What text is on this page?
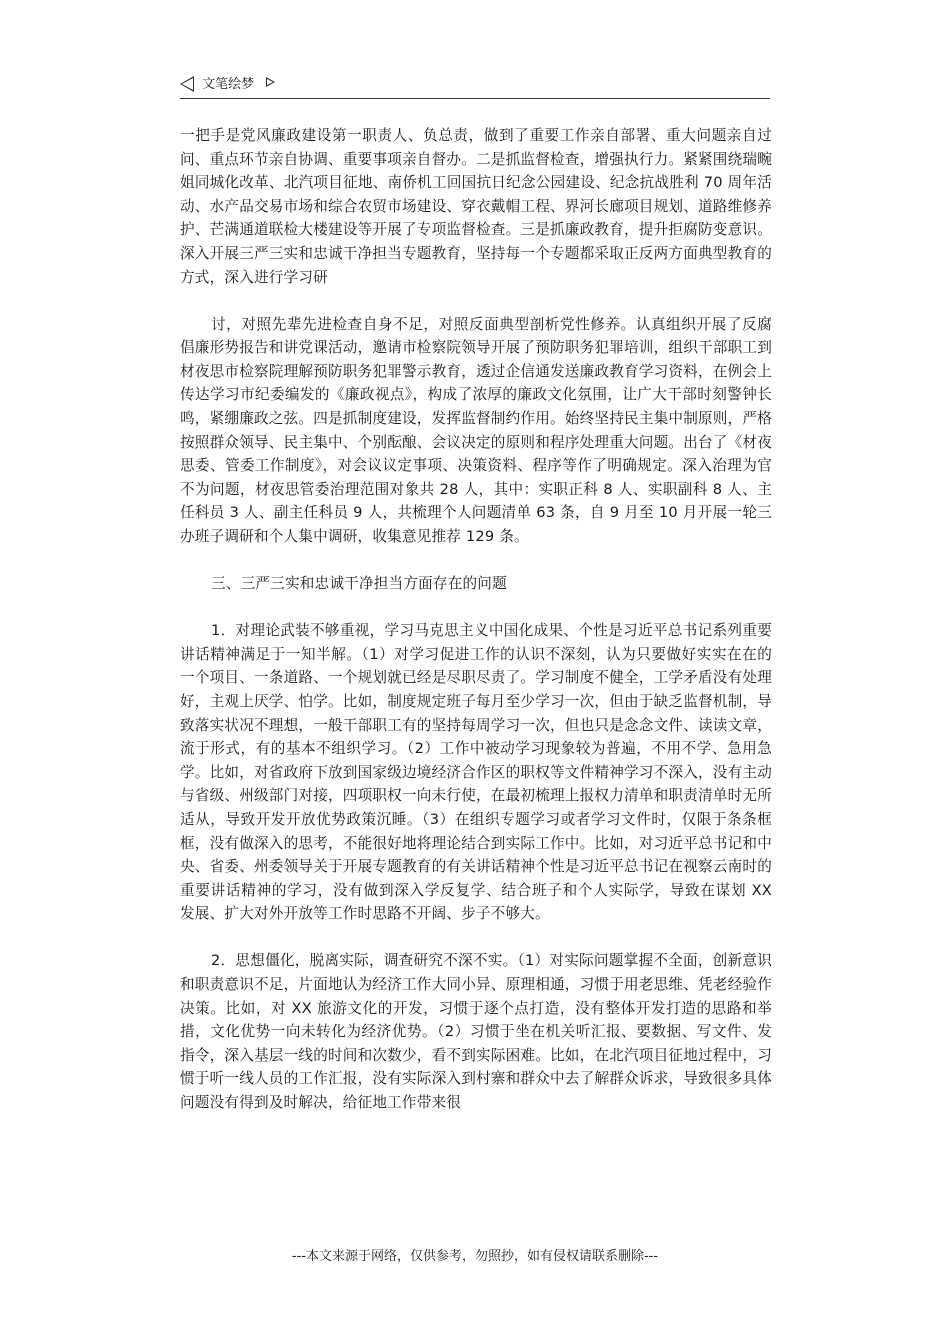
文笔绘梦

一把手是党风廉政建设第一职责人、负总责，做到了重要工作亲自部署、重大问题亲自过问、重点环节亲自协调、重要事项亲自督办。二是抓监督检查，增强执行力。紧紧围绕瑞畹姐同城化改革、北汽项目征地、南侨机工回国抗日纪念公园建设、纪念抗战胜利 70 周年活动、水产品交易市场和综合农贸市场建设、穿衣戴帽工程、界河长廊项目规划、道路维修养护、芒满通道联检大楼建设等开展了专项监督检查。三是抓廉政教育，提升拒腐防变意识。深入开展三严三实和忠诚干净担当专题教育，坚持每一个专题都采取正反两方面典型教育的方式，深入进行学习研

讨，对照先辈先进检查自身不足，对照反面典型剖析党性修养。认真组织开展了反腐倡廉形势报告和讲党课活动，邀请市检察院领导开展了预防职务犯罪培训，组织干部职工到材夜思市检察院理解预防职务犯罪警示教育，透过企信通发送廉政教育学习资料，在例会上传达学习市纪委编发的《廉政视点》，构成了浓厚的廉政文化氛围，让广大干部时刻警钟长鸣，紧绷廉政之弦。四是抓制度建设，发挥监督制约作用。始终坚持民主集中制原则，严格按照群众领导、民主集中、个别酝酿、会议决定的原则和程序处理重大问题。出台了《材夜思委、管委工作制度》，对会议议定事项、决策资料、程序等作了明确规定。深入治理为官不为问题，材夜思管委治理范围对象共 28 人，其中：实职正科 8 人、实职副科 8 人、主任科员 3 人、副主任科员 9 人，共梳理个人问题清单 63 条，自 9 月至 10 月开展一轮三办班子调研和个人集中调研，收集意见推荐 129 条。

三、三严三实和忠诚干净担当方面存在的问题

1．对理论武装不够重视，学习马克思主义中国化成果、个性是习近平总书记系列重要讲话精神满足于一知半解。（1）对学习促进工作的认识不深刻，认为只要做好实实在在的一个项目、一条道路、一个规划就已经是尽职尽责了。学习制度不健全，工学矛盾没有处理好，主观上厌学、怕学。比如，制度规定班子每月至少学习一次，但由于缺乏监督机制，导致落实状况不理想，一般干部职工有的坚持每周学习一次，但也只是念念文件、读读文章，流于形式，有的基本不组织学习。（2）工作中被动学习现象较为普遍，不用不学、急用急学。比如，对省政府下放到国家级边境经济合作区的职权等文件精神学习不深入，没有主动与省级、州级部门对接，四项职权一向未行使，在最初梳理上报权力清单和职责清单时无所适从，导致开发开放优势政策沉睡。（3）在组织专题学习或者学习文件时，仅限于条条框框，没有做深入的思考，不能很好地将理论结合到实际工作中。比如，对习近平总书记和中央、省委、州委领导关于开展专题教育的有关讲话精神个性是习近平总书记在视察云南时的重要讲话精神的学习，没有做到深入学反复学、结合班子和个人实际学，导致在谋划 XX 发展、扩大对外开放等工作时思路不开阔、步子不够大。

2．思想僵化，脱离实际，调查研究不深不实。（1）对实际问题掌握不全面，创新意识和职责意识不足，片面地认为经济工作大同小异、原理相通，习惯于用老思维、凭老经验作决策。比如，对 XX 旅游文化的开发，习惯于逐个点打造，没有整体开发打造的思路和举措，文化优势一向未转化为经济优势。（2）习惯于坐在机关听汇报、要数据、写文件、发指令，深入基层一线的时间和次数少，看不到实际困难。比如，在北汽项目征地过程中，习惯于听一线人员的工作汇报，没有实际深入到村寨和群众中去了解群众诉求，导致很多具体问题没有得到及时解决，给征地工作带来很

---本文来源于网络，仅供参考，勿照抄，如有侵权请联系删除---
